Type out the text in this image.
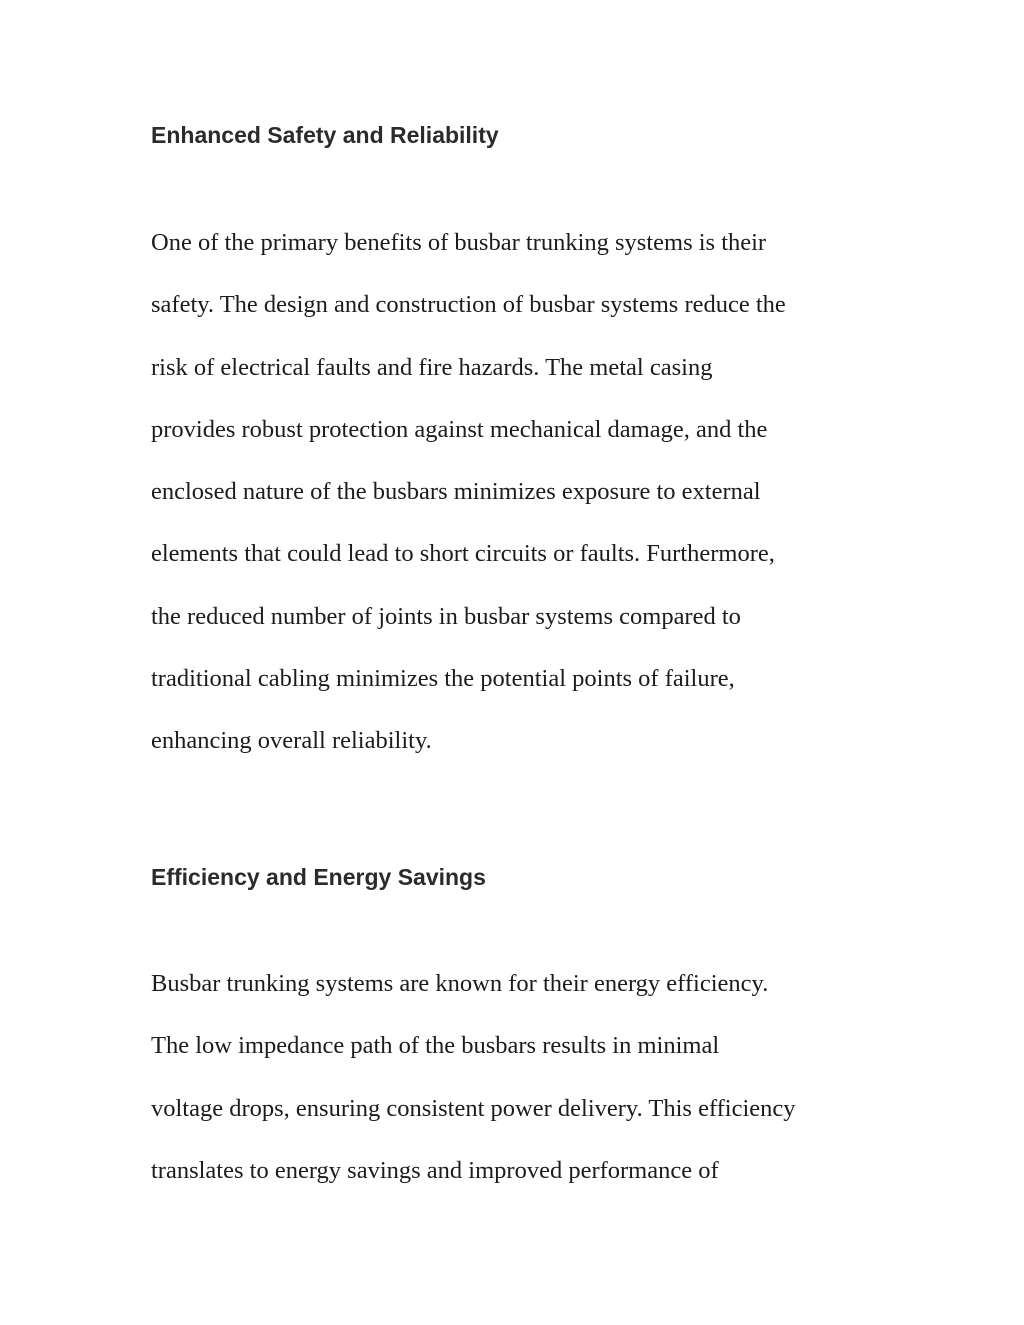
Enhanced Safety and Reliability

One of the primary benefits of busbar trunking systems is their
safety. The design and construction of busbar systems reduce the
risk of electrical faults and fire hazards. The metal casing
provides robust protection against mechanical damage, and the
enclosed nature of the busbars minimizes exposure to external
elements that could lead to short circuits or faults. Furthermore,
the reduced number of joints in busbar systems compared to
traditional cabling minimizes the potential points of failure,
enhancing overall reliability.

Efficiency and Energy Savings

Busbar trunking systems are known for their energy efficiency.
The low impedance path of the busbars results in minimal
voltage drops, ensuring consistent power delivery. This efficiency
translates to energy savings and improved performance of
